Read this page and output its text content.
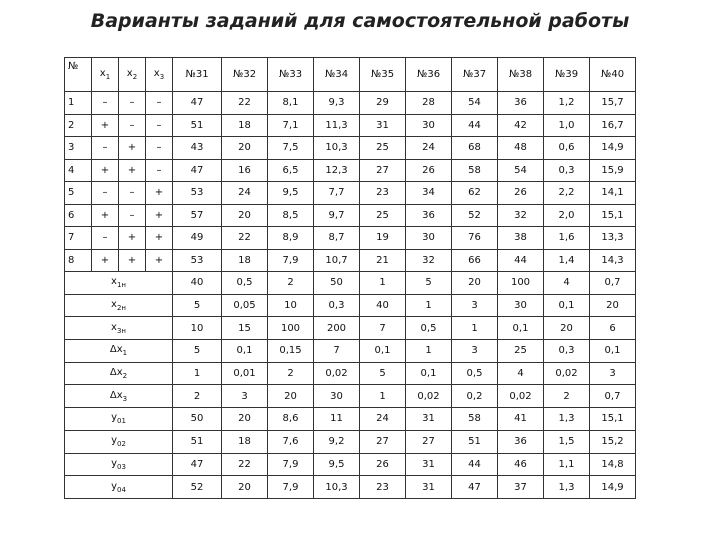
Варианты заданий для самостоятельной работы
№	$x_1$	$x_2$	$x_3$	№31	№32	№33	№34	№35	№36	№37	№38	№39	№40
1	–	–	–	47	22	8,1	9,3	29	28	54	36	1,2	15,7
2	+	–	–	51	18	7,1	11,3	31	30	44	42	1,0	16,7
3	–	+	–	43	20	7,5	10,3	25	24	68	48	0,6	14,9
4	+	+	–	47	16	6,5	12,3	27	26	58	54	0,3	15,9
5	–	–	+	53	24	9,5	7,7	23	34	62	26	2,2	14,1
6	+	–	+	57	20	8,5	9,7	25	36	52	32	2,0	15,1
7	–	+	+	49	22	8,9	8,7	19	30	76	38	1,6	13,3
8	+	+	+	53	18	7,9	10,7	21	32	66	44	1,4	14,3
$x_{1н}$				40	0,5	2	50	1	5	20	100	4	0,7
$x_{2н}$				5	0,05	10	0,3	40	1	3	30	0,1	20
$x_{3н}$				10	15	100	200	7	0,5	1	0,1	20	6
$\Delta x_1$				5	0,1	0,15	7	0,1	1	3	25	0,3	0,1
$\Delta x_2$				1	0,01	2	0,02	5	0,1	0,5	4	0,02	3
$\Delta x_3$				2	3	20	30	1	0,02	0,2	0,02	2	0,7
$y_{01}$				50	20	8,6	11	24	31	58	41	1,3	15,1
$y_{02}$				51	18	7,6	9,2	27	27	51	36	1,5	15,2
$y_{03}$				47	22	7,9	9,5	26	31	44	46	1,1	14,8
$y_{04}$				52	20	7,9	10,3	23	31	47	37	1,3	14,9
